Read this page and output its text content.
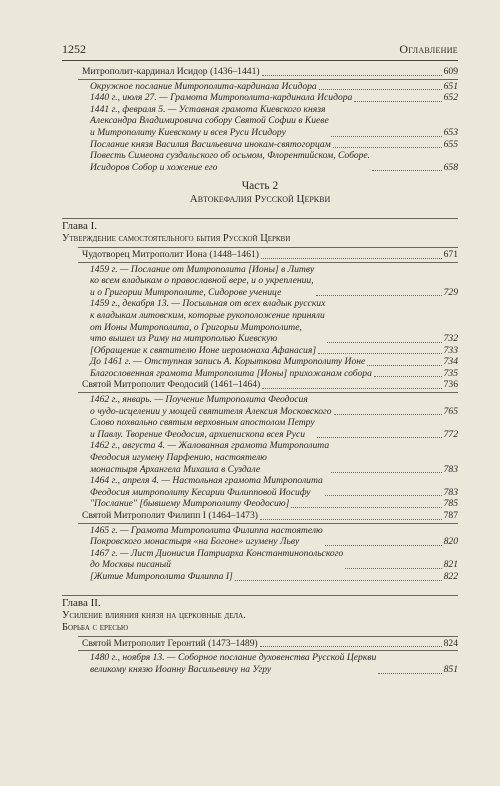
1252	Оглавление
Митрополит-кардинал Исидор (1436–1441)	609
Окружное послание Митрополита-кардинала Исидора	651
1440 г., июля 27. — Грамота Митрополита-кардинала Исидора	652
1441 г., февраля 5. — Уставная грамота Киевского князя
Александра Владимировича собору Святой Софии в Киеве
и Митрополиту Киевскому и всея Руси Исидору	653
Послание князя Василия Васильевича инокам-святогорцам	655
Повесть Симеона суздальского об осьмом, Флорентийском, Соборе.
Исидоров Собор и хожение его	658
Часть 2
Автокефалия Русской Церкви
Глава I.
Утверждение самостоятельного бытия Русской Церкви
Чудотворец Митрополит Иона (1448–1461)	671
1459 г. — Послание от Митрополита [Ионы] в Литву
ко всем владыкам о православной вере, и о укреплении,
и о Григории Митрополите, Сидорове ученице	729
1459 г., декабря 13. — Посыльная от всех владык русских
к владыкам литовским, которые рукоположение приняли
от Ионы Митрополита, о Григорьи Митрополите,
что вышел из Риму на митрополью Киевскую	732
[Обращение к святителю Ионе иеромонаха Афанасия]	733
До 1461 г. — Отступная запись А. Корыткова Митрополиту Ионе	734
Благословенная грамота Митрополита [Ионы] прихожанам собора	735
Святой Митрополит Феодосий (1461–1464)	736
1462 г., январь. — Поучение Митрополита Феодосия
о чудо-исцелении у мощей святителя Алексия Московского	765
Слово похвально святым верховным апостолом Петру
и Павлу. Творение Феодосия, архиепископа всея Руси	772
1462 г., августа 4. — Жалованная грамота Митрополита
Феодосия игумену Парфению, настоятелю
монастыря Архангела Михаила в Суздале	783
1464 г., апреля 4. — Настольная грамота Митрополита
Феодосия митрополиту Кесарии Филипповой Иосифу	783
"Послание" [бывшему Митрополиту Феодосию]	785
Святой Митрополит Филипп I (1464–1473)	787
1465 г. — Грамота Митрополита Филиппа настоятелю
Покровского монастыря «на Богоне» игумену Льву	820
1467 г. — Лист Дионисия Патриарха Константинопольского
до Москвы писаный	821
[Житие Митрополита Филиппа I]	822
Глава II.
Усиление влияния князя на церковные дела.
Борьба с ересью
Святой Митрополит Геронтий (1473–1489)	824
1480 г., ноября 13. — Соборное послание духовенства Русской Церкви
великому князю Иоанну Васильевичу на Угру	851
